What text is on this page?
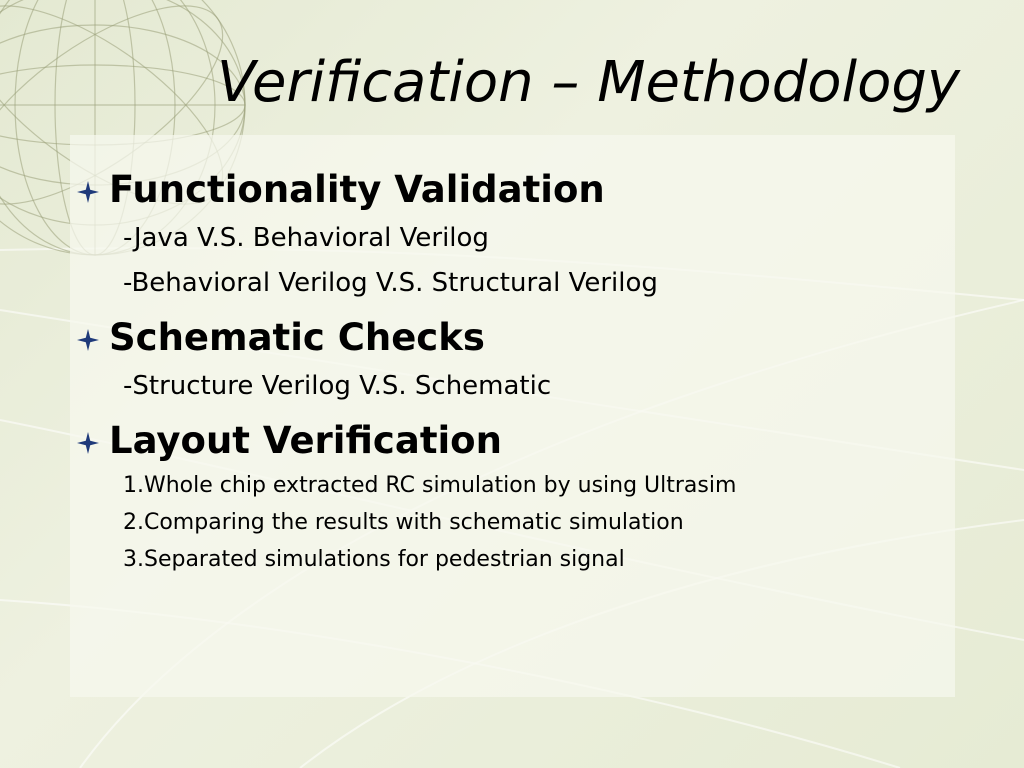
Verification – Methodology
Functionality Validation
-Java V.S. Behavioral Verilog
-Behavioral Verilog V.S. Structural Verilog
Schematic Checks
-Structure Verilog V.S. Schematic
Layout Verification
1.Whole chip extracted RC simulation by using Ultrasim
2.Comparing the results with schematic simulation
3.Separated simulations for pedestrian signal
